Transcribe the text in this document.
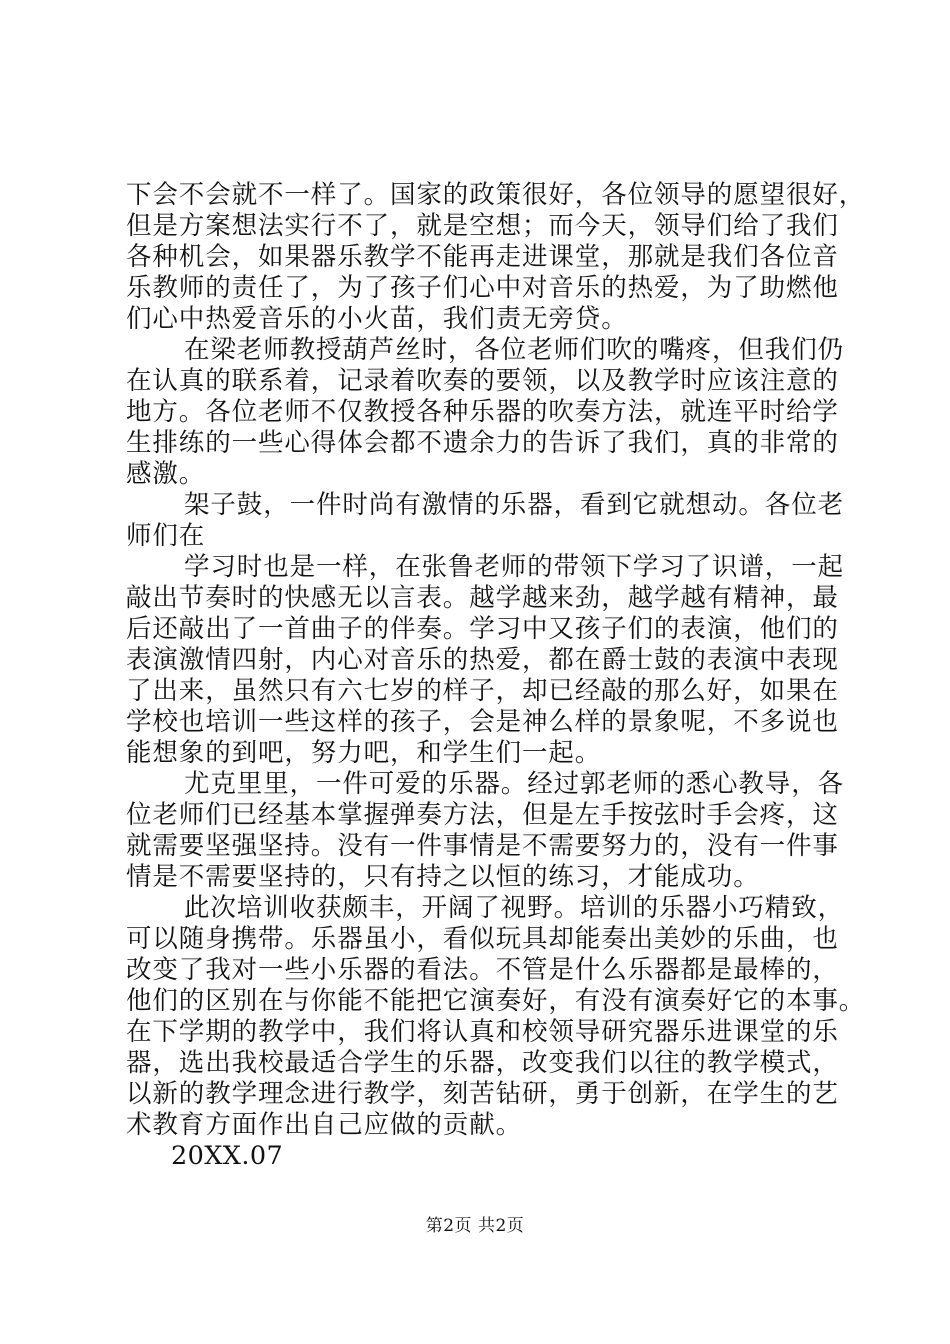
下会不会就不一样了。国家的政策很好，各位领导的愿望很好，
但是方案想法实行不了，就是空想；而今天，领导们给了我们
各种机会，如果器乐教学不能再走进课堂，那就是我们各位音
乐教师的责任了，为了孩子们心中对音乐的热爱，为了助燃他
们心中热爱音乐的小火苗，我们责无旁贷。
在梁老师教授葫芦丝时，各位老师们吹的嘴疼，但我们仍
在认真的联系着，记录着吹奏的要领，以及教学时应该注意的
地方。各位老师不仅教授各种乐器的吹奏方法，就连平时给学
生排练的一些心得体会都不遗余力的告诉了我们，真的非常的
感激。
架子鼓，一件时尚有激情的乐器，看到它就想动。各位老
师们在
学习时也是一样，在张鲁老师的带领下学习了识谱，一起
敲出节奏时的快感无以言表。越学越来劲，越学越有精神，最
后还敲出了一首曲子的伴奏。学习中又孩子们的表演，他们的
表演激情四射，内心对音乐的热爱，都在爵士鼓的表演中表现
了出来，虽然只有六七岁的样子，却已经敲的那么好，如果在
学校也培训一些这样的孩子，会是神么样的景象呢，不多说也
能想象的到吧，努力吧，和学生们一起。
尤克里里，一件可爱的乐器。经过郭老师的悉心教导，各
位老师们已经基本掌握弹奏方法，但是左手按弦时手会疼，这
就需要坚强坚持。没有一件事情是不需要努力的，没有一件事
情是不需要坚持的，只有持之以恒的练习，才能成功。
此次培训收获颇丰，开阔了视野。培训的乐器小巧精致，
可以随身携带。乐器虽小，看似玩具却能奏出美妙的乐曲，也
改变了我对一些小乐器的看法。不管是什么乐器都是最棒的，
他们的区别在与你能不能把它演奏好，有没有演奏好它的本事。
在下学期的教学中，我们将认真和校领导研究器乐进课堂的乐
器，选出我校最适合学生的乐器，改变我们以往的教学模式，
以新的教学理念进行教学，刻苦钻研，勇于创新，在学生的艺
术教育方面作出自己应做的贡献。
20XX.07
第2页 共2页
